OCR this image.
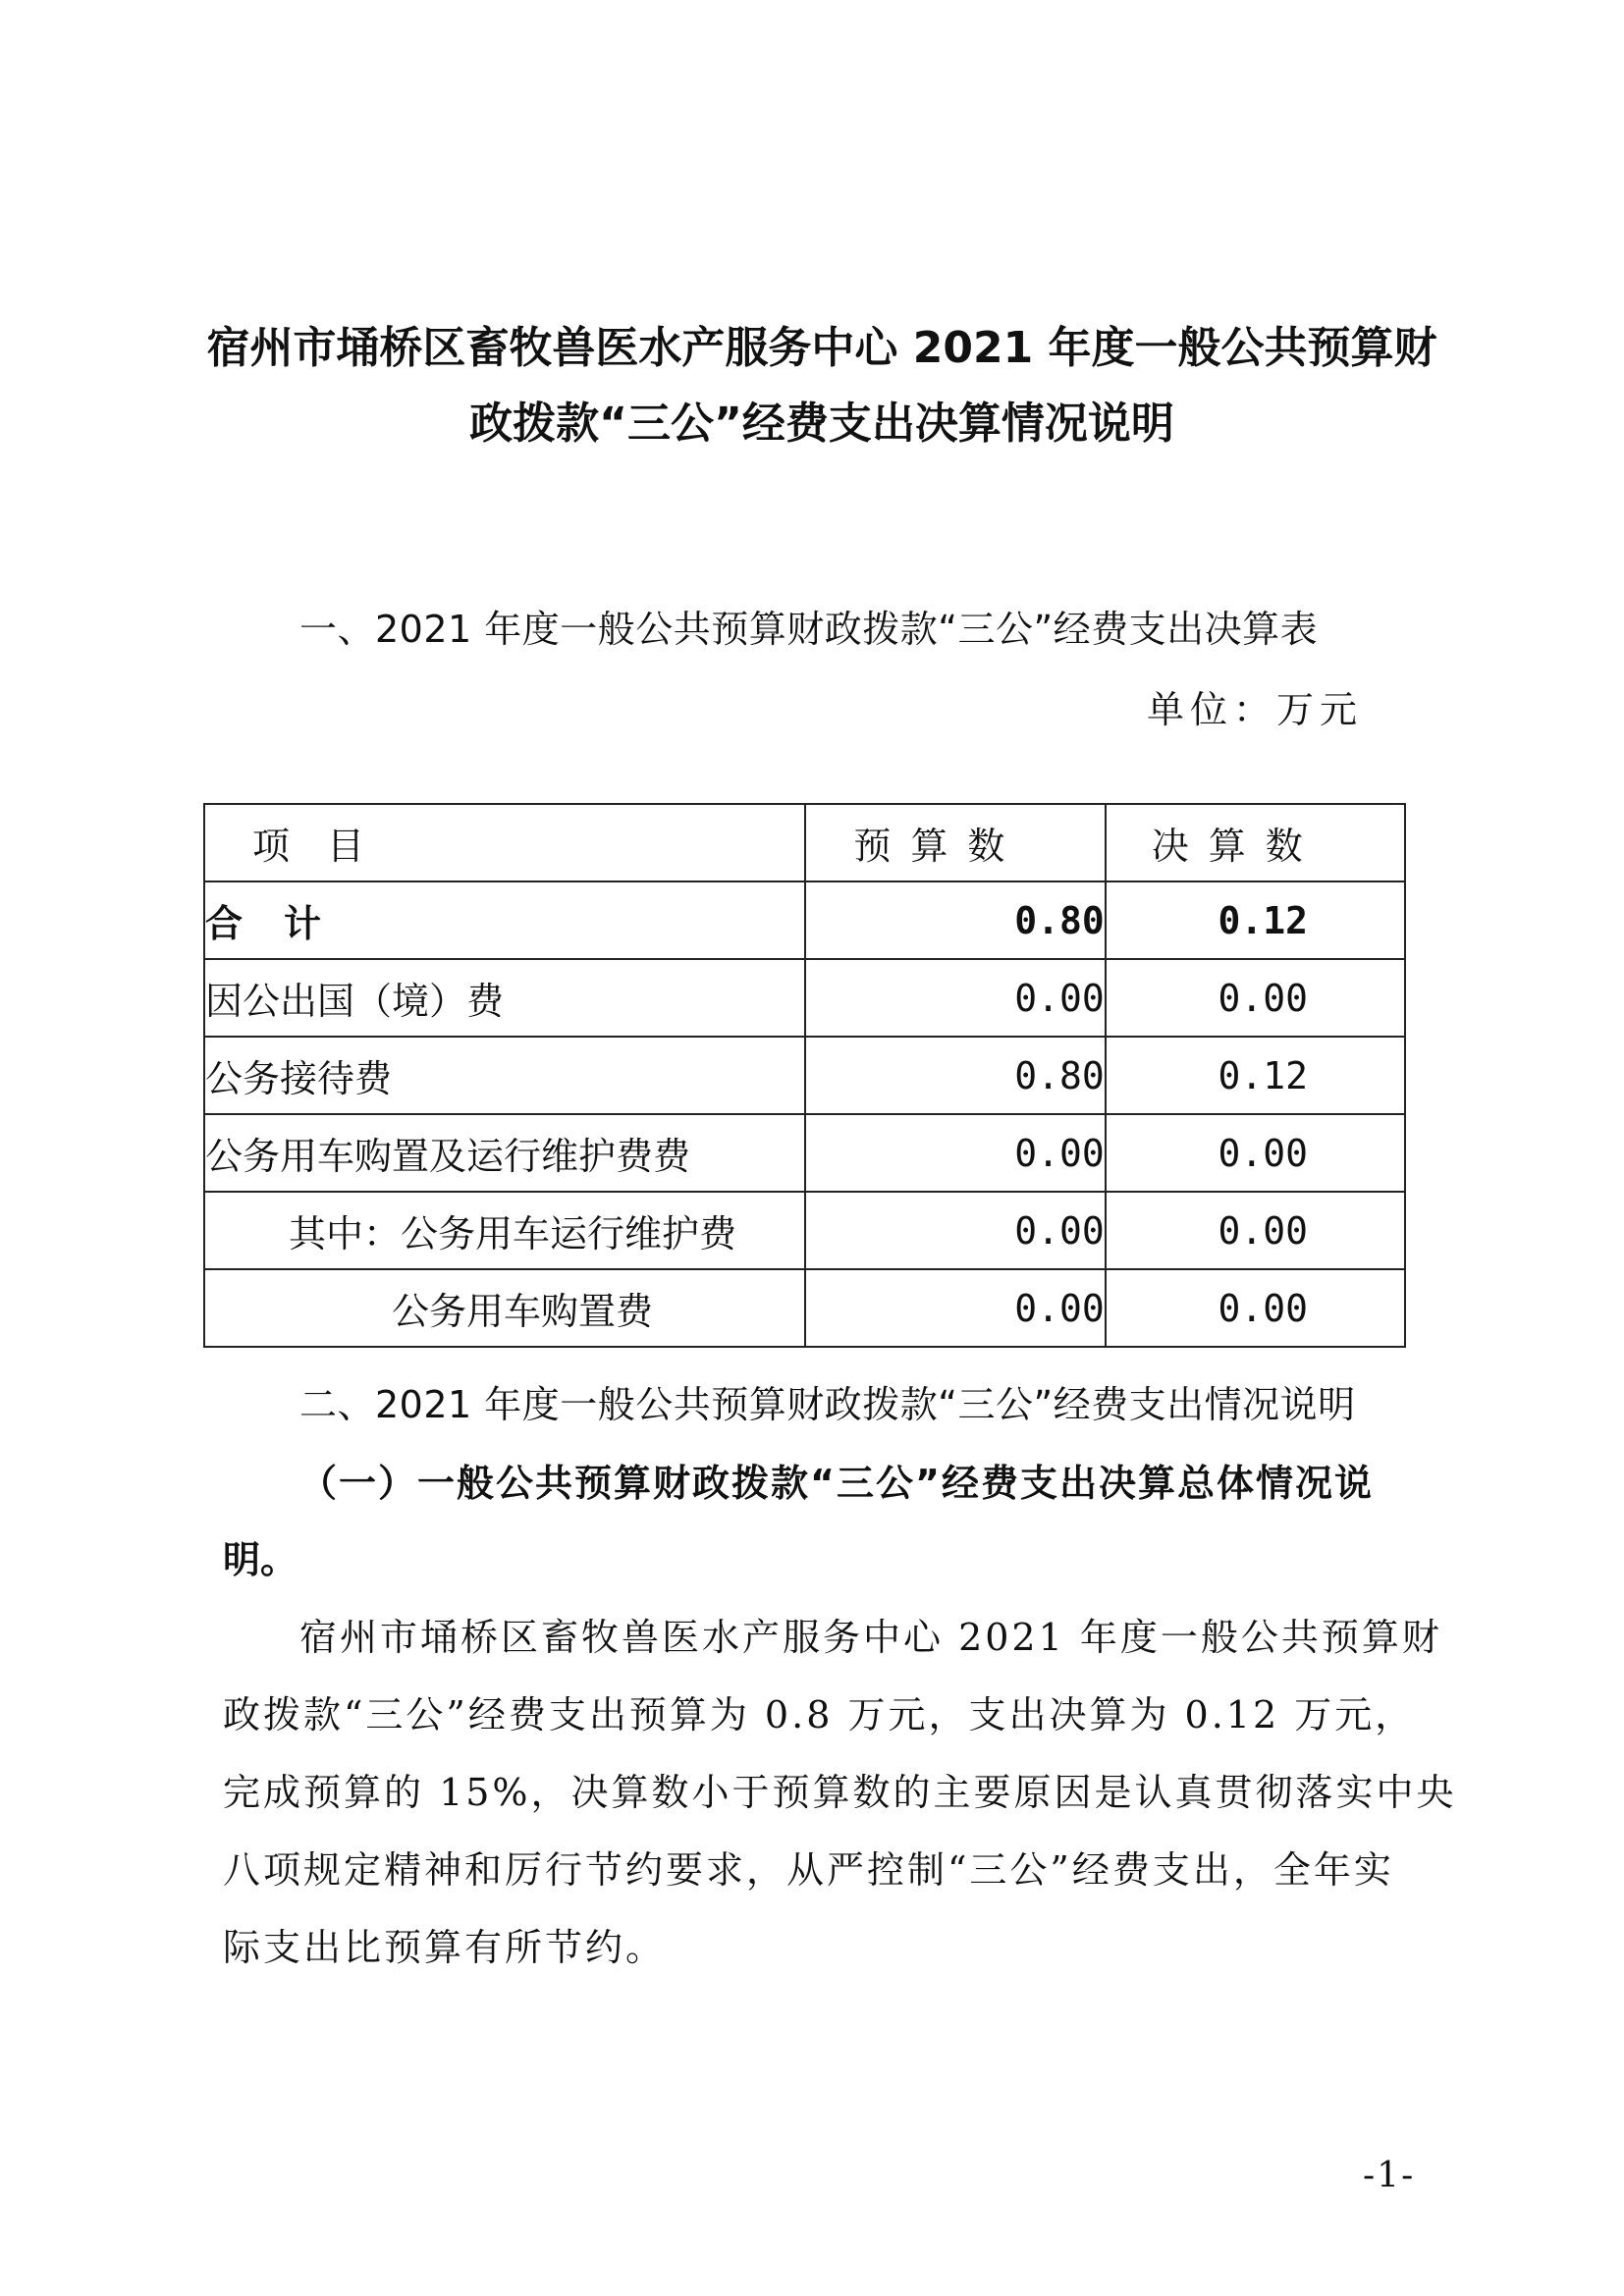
宿州市埇桥区畜牧兽医水产服务中心 2021 年度一般公共预算财
政拨款“三公”经费支出决算情况说明
一、2021 年度一般公共预算财政拨款“三公”经费支出决算表
单位：万元
项目	预算数	决算数
合计	0.80	0.12
因公出国（境）费	0.00	0.00
公务接待费	0.80	0.12
公务用车购置及运行维护费费	0.00	0.00
其中：公务用车运行维护费	0.00	0.00
公务用车购置费	0.00	0.00
二、2021 年度一般公共预算财政拨款“三公”经费支出情况说明
（一）一般公共预算财政拨款“三公”经费支出决算总体情况说
明。
宿州市埇桥区畜牧兽医水产服务中心 2021 年度一般公共预算财
政拨款“三公”经费支出预算为 0.8 万元，支出决算为 0.12 万元，
完成预算的 15%，决算数小于预算数的主要原因是认真贯彻落实中央
八项规定精神和厉行节约要求，从严控制“三公”经费支出，全年实
际支出比预算有所节约。
-1-
